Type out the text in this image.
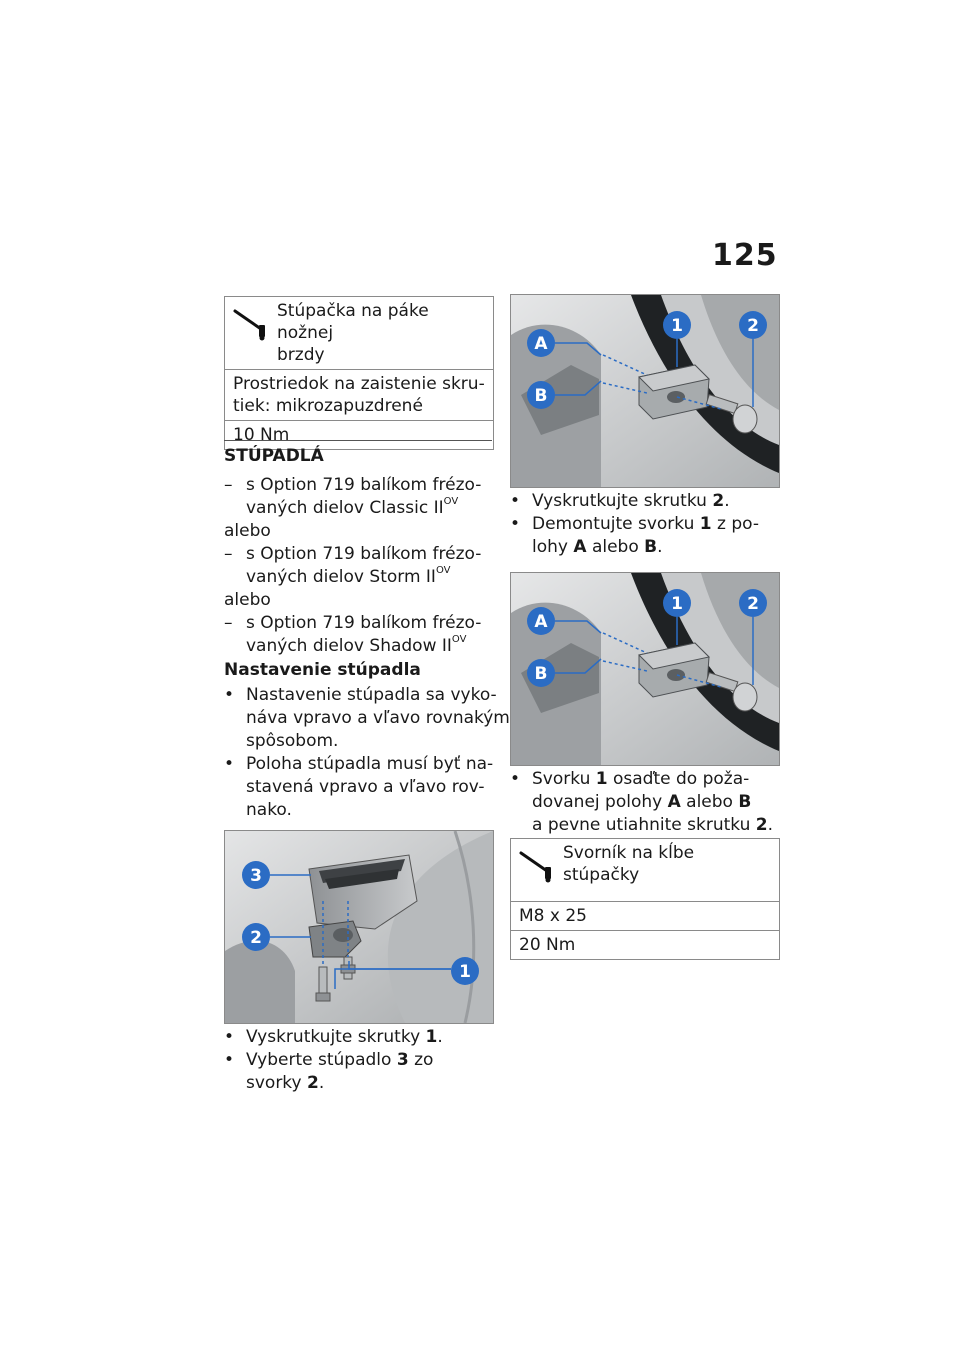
125
Stúpačka na páke nožnej
brzdy
Prostriedok na zaistenie skru-
tiek: mikrozapuzdrené
10 Nm
STÚPADLÁ
– s Option 719 balíkom frézo-
vaných dielov Classic $II^{OV}$
alebo
– s Option 719 balíkom frézo-
vaných dielov Storm $II^{OV}$
alebo
– s Option 719 balíkom frézo-
vaných dielov Shadow $II^{OV}$
Nastavenie stúpadla
• Nastavenie stúpadla sa vyko-
náva vpravo a vľavo rovnakým
spôsobom.
• Poloha stúpadla musí byť na-
stavená vpravo a vľavo rov-
nako.
3
2
1
• Vyskrutkujte skrutky 1.
• Vyberte stúpadlo 3 zo
svorky 2.
A
B
1	2
• Vyskrutkujte skrutku 2.
• Demontujte svorku 1 z po-
lohy A alebo B.
A
B
1	2
• Svorku 1 osaďte do poža-
dovanej polohy A alebo B
a pevne utiahnite skrutku 2.
Svorník na kĺbe stúpačky
M8 x 25
20 Nm
